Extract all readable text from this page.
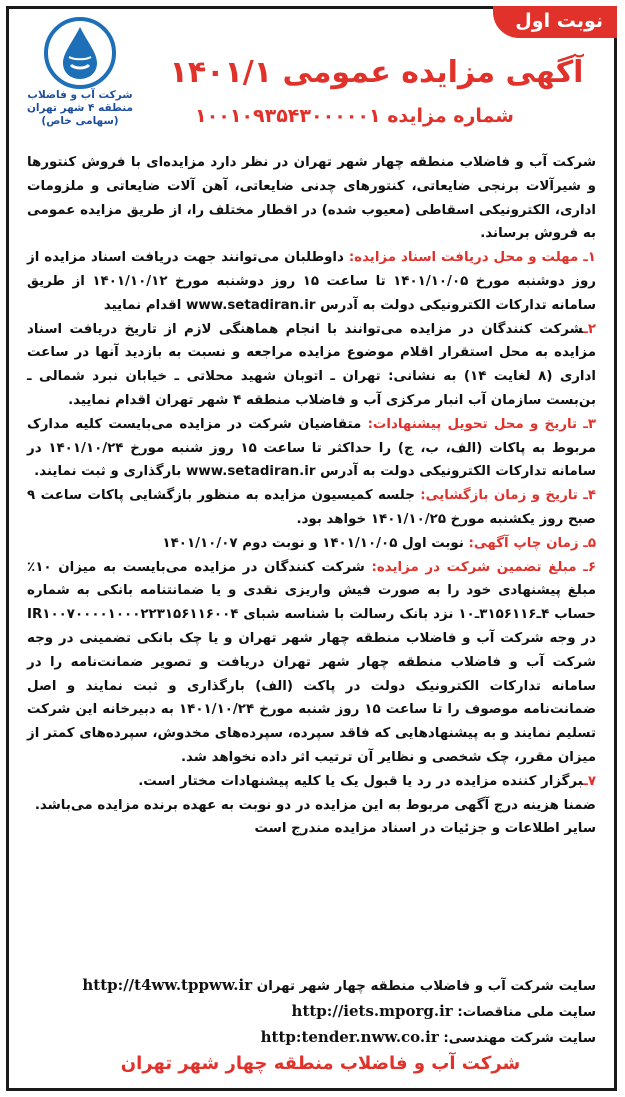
نوبت اول
شرکت آب و فاضلاب
منطقه ۴ شهر تهران
(سهامی خاص)
آگهی مزایده عمومی ۱۴۰۱/۱
شماره مزایده ۱۰۰۱۰۹۳۵۴۳۰۰۰۰۰۱

شرکت آب و فاضلاب منطقه چهار شهر تهران در نظر دارد مزایده‌ای با فروش کنتورها و شیرآلات برنجی ضایعاتی، کنتورهای چدنی ضایعاتی، آهن آلات ضایعاتی و ملزومات اداری، الکترونیکی اسقاطی (معیوب شده) در اقطار مختلف را، از طریق مزایده عمومی به فروش برساند.

۱ـ مهلت و محل دریافت اسناد مزایده: داوطلبان می‌توانند جهت دریافت اسناد مزایده از روز دوشنبه مورخ ۱۴۰۱/۱۰/۰۵ تا ساعت ۱۵ روز دوشنبه مورخ ۱۴۰۱/۱۰/۱۲ از طریق سامانه تدارکات الکترونیکی دولت به آدرس www.setadiran.ir اقدام نمایید

۲ـشرکت کنندگان در مزایده می‌توانند با انجام هماهنگی لازم از تاریخ دریافت اسناد مزایده به محل استقرار اقلام موضوع مزایده مراجعه و نسبت به بازدید آنها در ساعت اداری (۸ لغایت ۱۴) به نشانی: تهران ـ اتوبان شهید محلاتی ـ خیابان نبرد شمالی ـ بن‌بست سازمان آب انبار مرکزی آب و فاضلاب منطقه ۴ شهر تهران اقدام نمایید.

۳ـ تاریخ و محل تحویل پیشنهادات: متقاضیان شرکت در مزایده می‌بایست کلیه مدارک مربوط به پاکات (الف، ب، ج) را حداکثر تا ساعت ۱۵ روز شنبه مورخ ۱۴۰۱/۱۰/۲۴ در سامانه تدارکات الکترونیکی دولت به آدرس www.setadiran.ir بارگذاری و ثبت نمایند.

۴ـ تاریخ و زمان بازگشایی: جلسه کمیسیون مزایده به منظور بازگشایی پاکات ساعت ۹ صبح روز یکشنبه مورخ ۱۴۰۱/۱۰/۲۵ خواهد بود.

۵ـ زمان چاپ آگهی: نوبت اول ۱۴۰۱/۱۰/۰۵ و نوبت دوم ۱۴۰۱/۱۰/۰۷

۶ـ مبلغ تضمین شرکت در مزایده: شرکت کنندگان در مزایده می‌بایست به میزان ۱۰٪ مبلغ پیشنهادی خود را به صورت فیش واریزی نقدی و یا ضمانتنامه بانکی به شماره حساب ۴ـ۳۱۵۶۱۱۶ـ۱۰ نزد بانک رسالت با شناسه شبای IR۱۰۰۷۰۰۰۰۱۰۰۰۲۲۳۱۵۶۱۱۶۰۰۴ در وجه شرکت آب و فاضلاب منطقه چهار شهر تهران و یا چک بانکی تضمینی در وجه شرکت آب و فاضلاب منطقه چهار شهر تهران دریافت و تصویر ضمانت‌نامه را در سامانه تدارکات الکترونیک دولت در پاکت (الف) بارگذاری و ثبت نمایند و اصل ضمانت‌نامه موصوف را تا ساعت ۱۵ روز شنبه مورخ ۱۴۰۱/۱۰/۲۴ به دبیرخانه این شرکت تسلیم نمایند و به پیشنهادهایی که فاقد سپرده، سپرده‌های مخدوش، سپرده‌های کمتر از میزان مقرر، چک شخصی و نظایر آن ترتیب اثر داده نخواهد شد.

۷ـبرگزار کننده مزایده در رد یا قبول یک یا کلیه پیشنهادات مختار است.

ضمنا هزینه درج آگهی مربوط به این مزایده در دو نوبت به عهده برنده مزایده می‌باشد.

سایر اطلاعات و جزئیات در اسناد مزایده مندرج است

سایت شرکت آب و فاضلاب منطقه چهار شهر تهران http://t4ww.tppww.ir

سایت ملی مناقصات: http://iets.mporg.ir

سایت شرکت مهندسی: http:tender.nww.co.ir

شرکت آب و فاضلاب منطقه چهار شهر تهران
